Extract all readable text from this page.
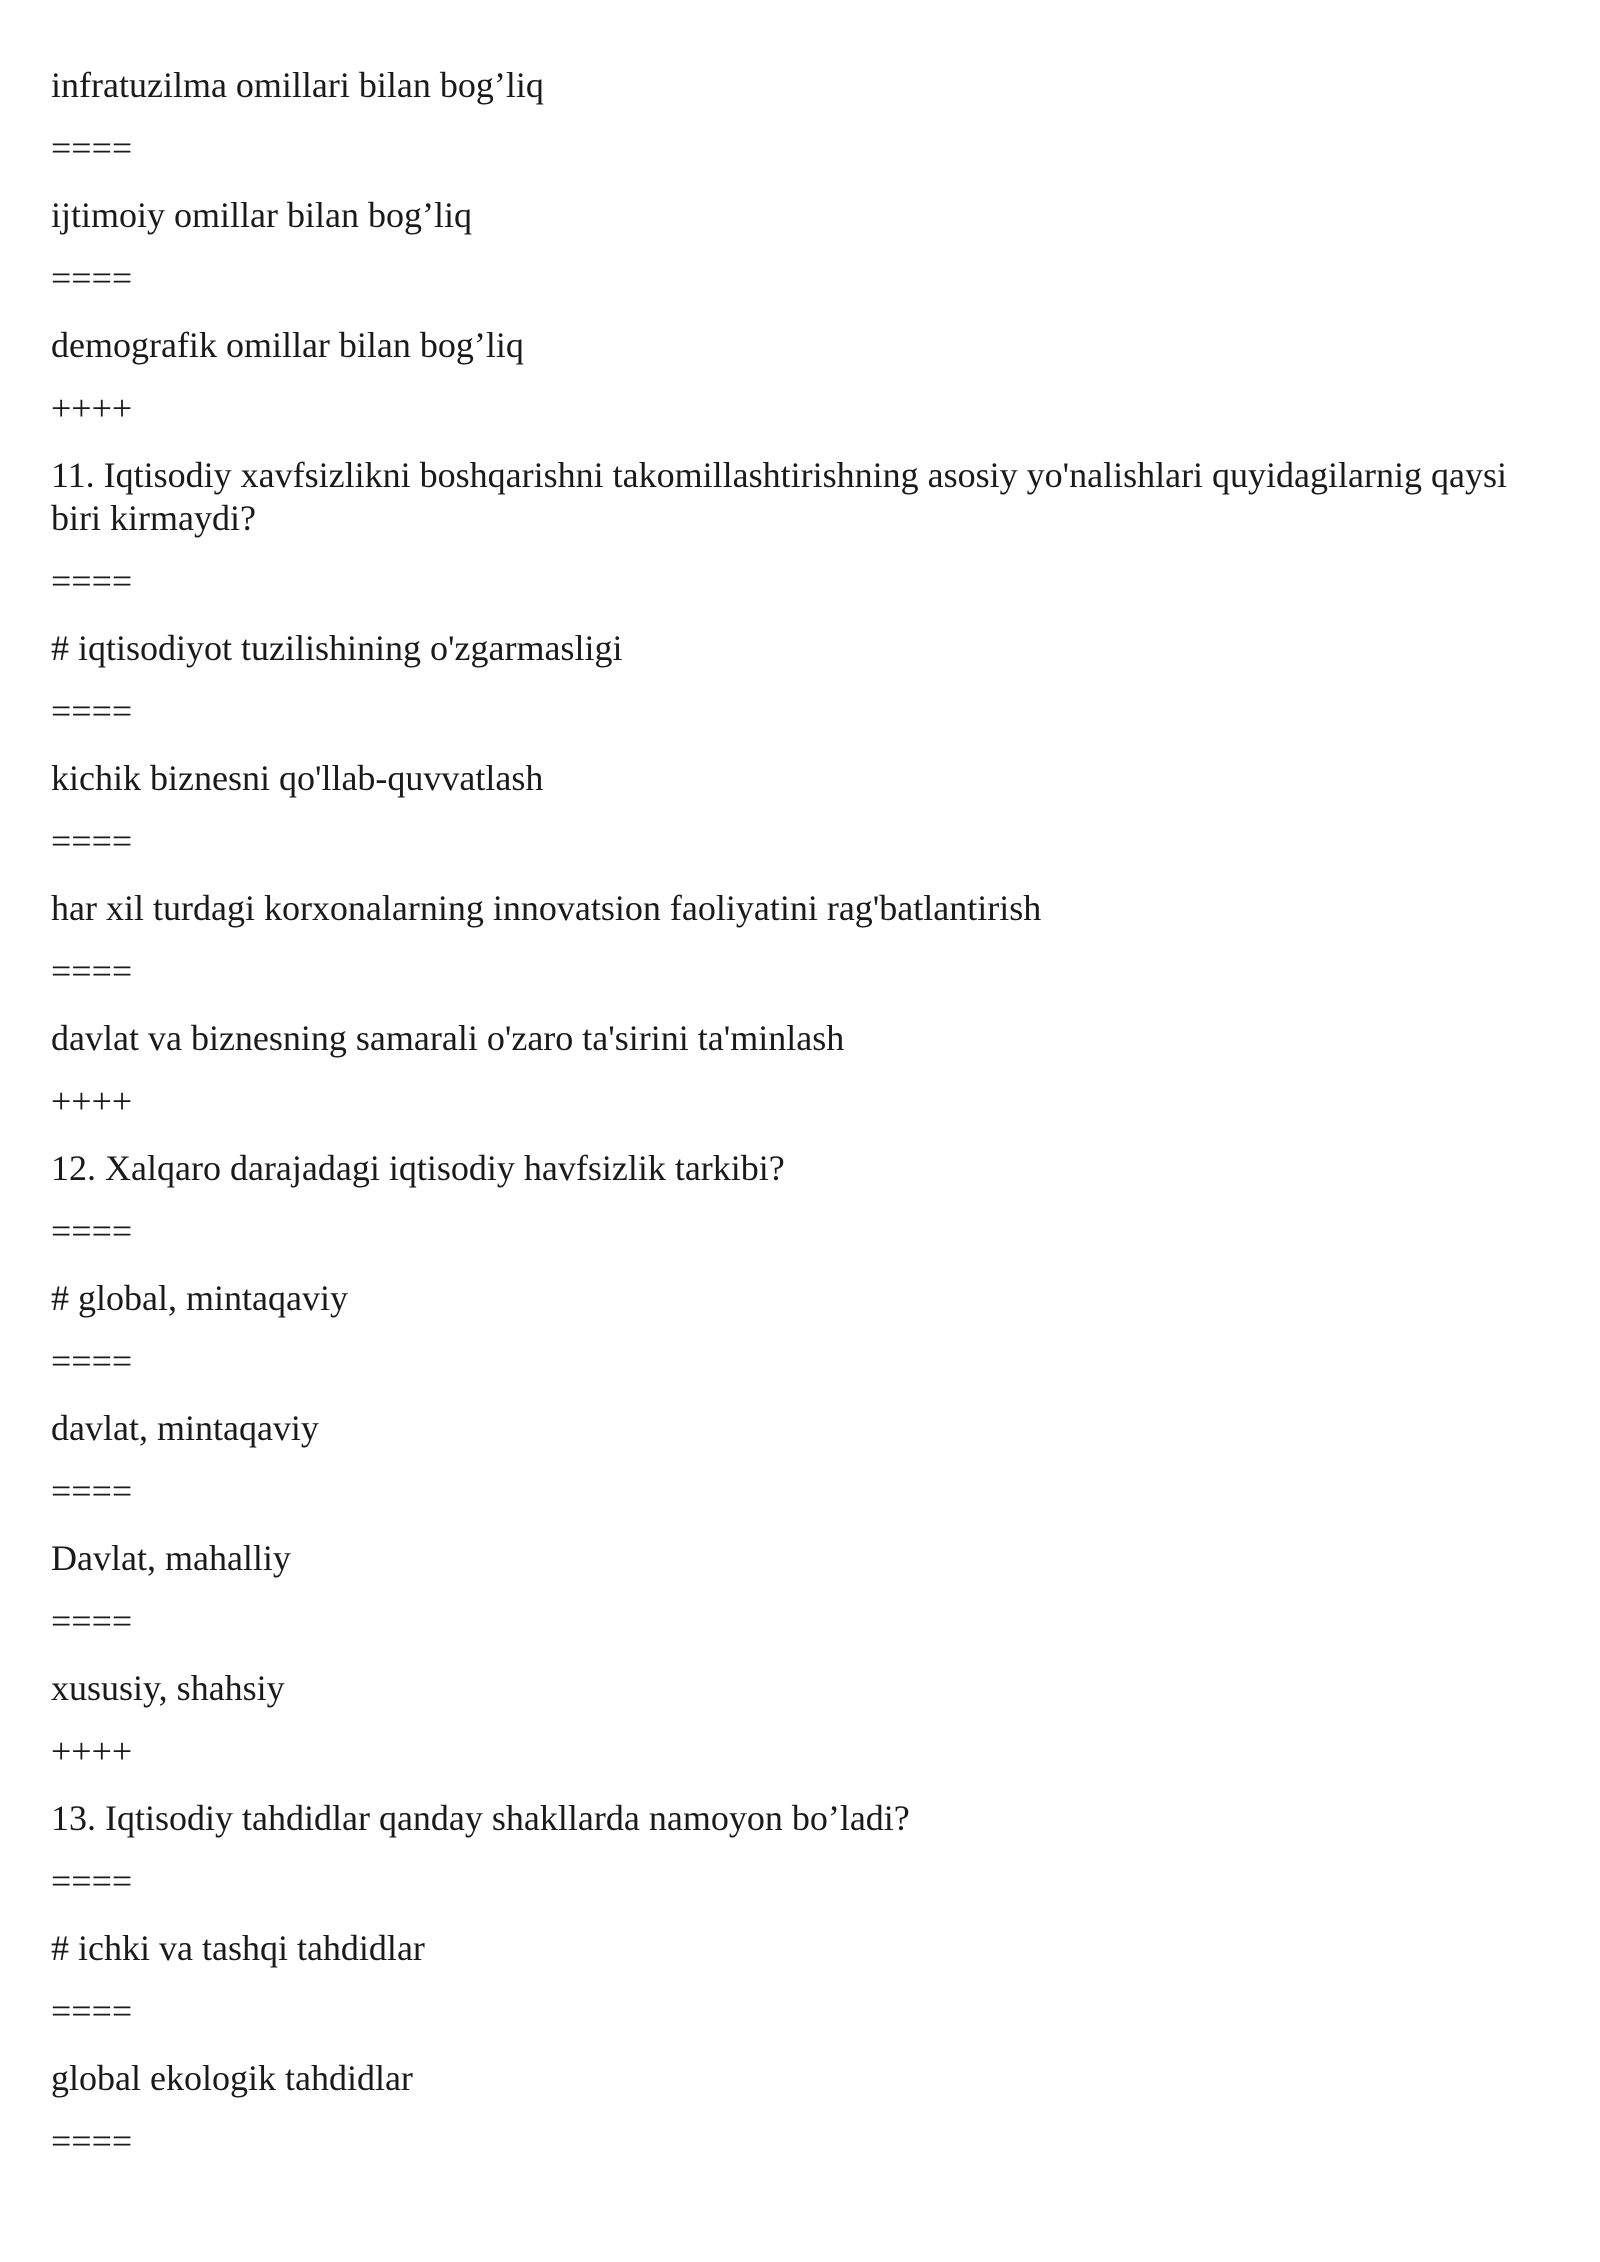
infratuzilma omillari bilan bog’liq

====

ijtimoiy omillar bilan bog’liq

====

demografik omillar bilan bog’liq

++++

11. Iqtisodiy xavfsizlikni boshqarishni takomillashtirishning asosiy yo'nalishlari quyidagilarnig qaysi biri kirmaydi?

====

# iqtisodiyot tuzilishining o'zgarmasligi

====

kichik biznesni qo'llab-quvvatlash

====

har xil turdagi korxonalarning innovatsion faoliyatini rag'batlantirish

====

davlat va biznesning samarali o'zaro ta'sirini ta'minlash

++++

12. Xalqaro darajadagi iqtisodiy havfsizlik tarkibi?

====

# global, mintaqaviy

====

davlat, mintaqaviy

====

Davlat, mahalliy

====

xususiy, shahsiy

++++

13. Iqtisodiy tahdidlar qanday shakllarda namoyon bo’ladi?

====

# ichki va tashqi tahdidlar

====

global ekologik tahdidlar

====
